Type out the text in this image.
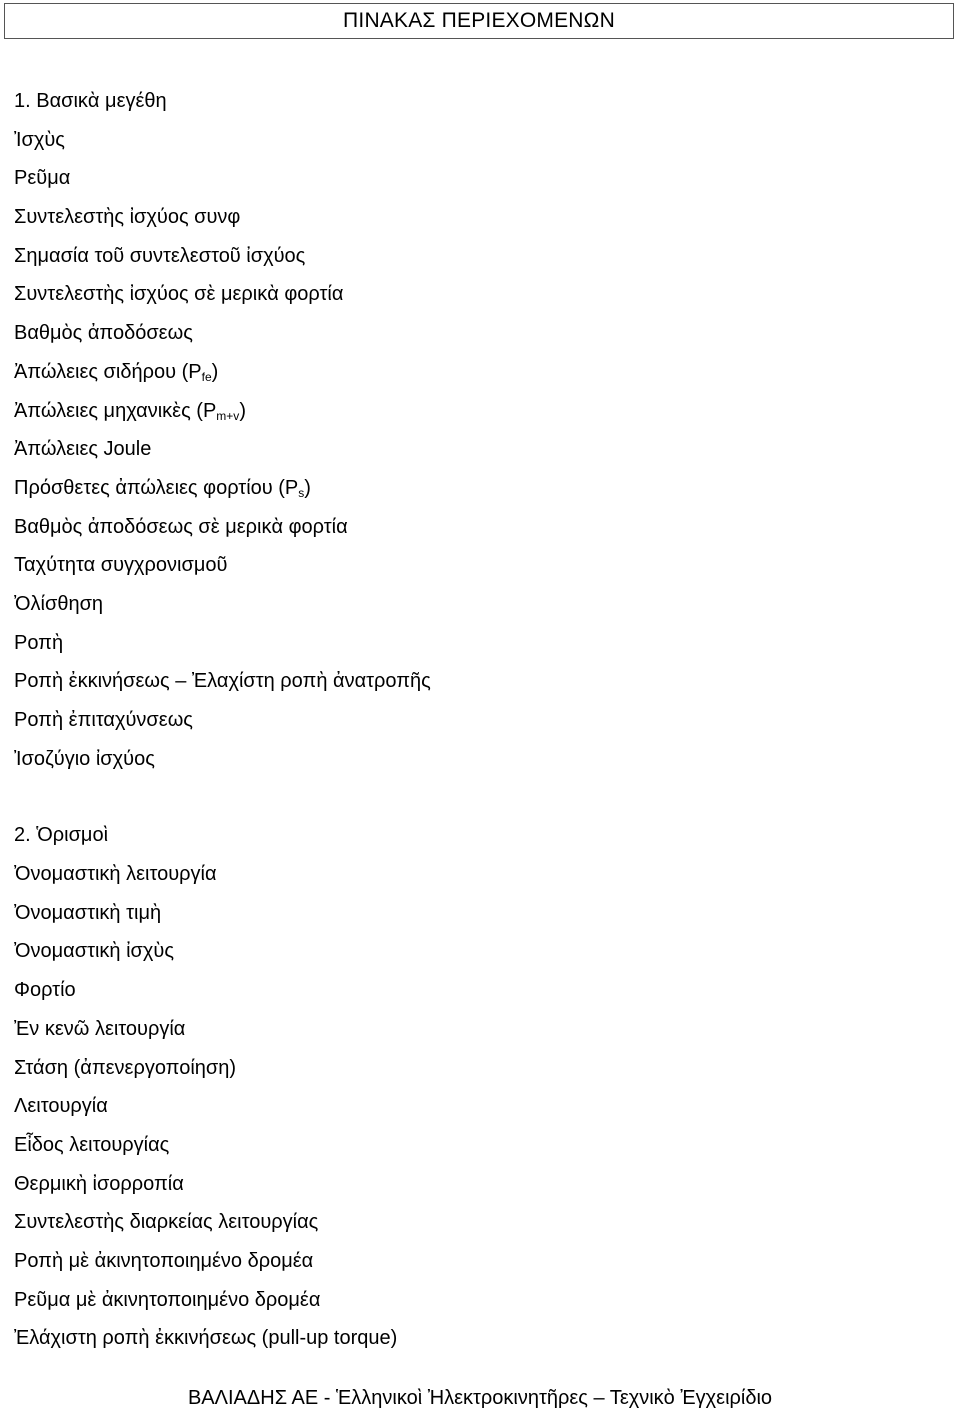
ΠΙΝΑΚΑΣ ΠΕΡΙΕΧΟΜΕΝΩΝ
1. Βασικὰ μεγέθη
Ἰσχὺς
Ρεῦμα
Συντελεστὴς ἰσχύος συνφ
Σημασία τοῦ συντελεστοῦ ἰσχύος
Συντελεστὴς ἰσχύος σὲ μερικὰ φορτία
Βαθμὸς ἀποδόσεως
Ἀπώλειες σιδήρου $(P_{fe})$
Ἀπώλειες μηχανικὲς $(P_{m+v})$
Ἀπώλειες Joule
Πρόσθετες ἀπώλειες φορτίου $(P_s)$
Βαθμὸς ἀποδόσεως σὲ μερικὰ φορτία
Ταχύτητα συγχρονισμοῦ
Ὀλίσθηση
Ροπὴ
Ροπὴ ἐκκινήσεως – Ἐλαχίστη ροπὴ ἀνατροπῆς
Ροπὴ ἐπιταχύνσεως
Ἰσοζύγιο ἰσχύος
2. Ὁρισμοὶ
Ὀνομαστικὴ λειτουργία
Ὀνομαστικὴ τιμὴ
Ὀνομαστικὴ ἰσχὺς
Φορτίο
Ἐν κενῶ λειτουργία
Στάση (ἀπενεργοποίηση)
Λειτουργία
Εἶδος λειτουργίας
Θερμικὴ ἰσορροπία
Συντελεστὴς διαρκείας λειτουργίας
Ροπὴ μὲ ἀκινητοποιημένο δρομέα
Ρεῦμα μὲ ἀκινητοποιημένο δρομέα
Ἐλάχιστη ροπὴ ἐκκινήσεως (pull-up torque)
ΒΑΛΙΑΔΗΣ ΑΕ - Ἑλληνικοὶ Ἠλεκτροκινητῆρες – Τεχνικὸ Ἐγχειρίδιο
